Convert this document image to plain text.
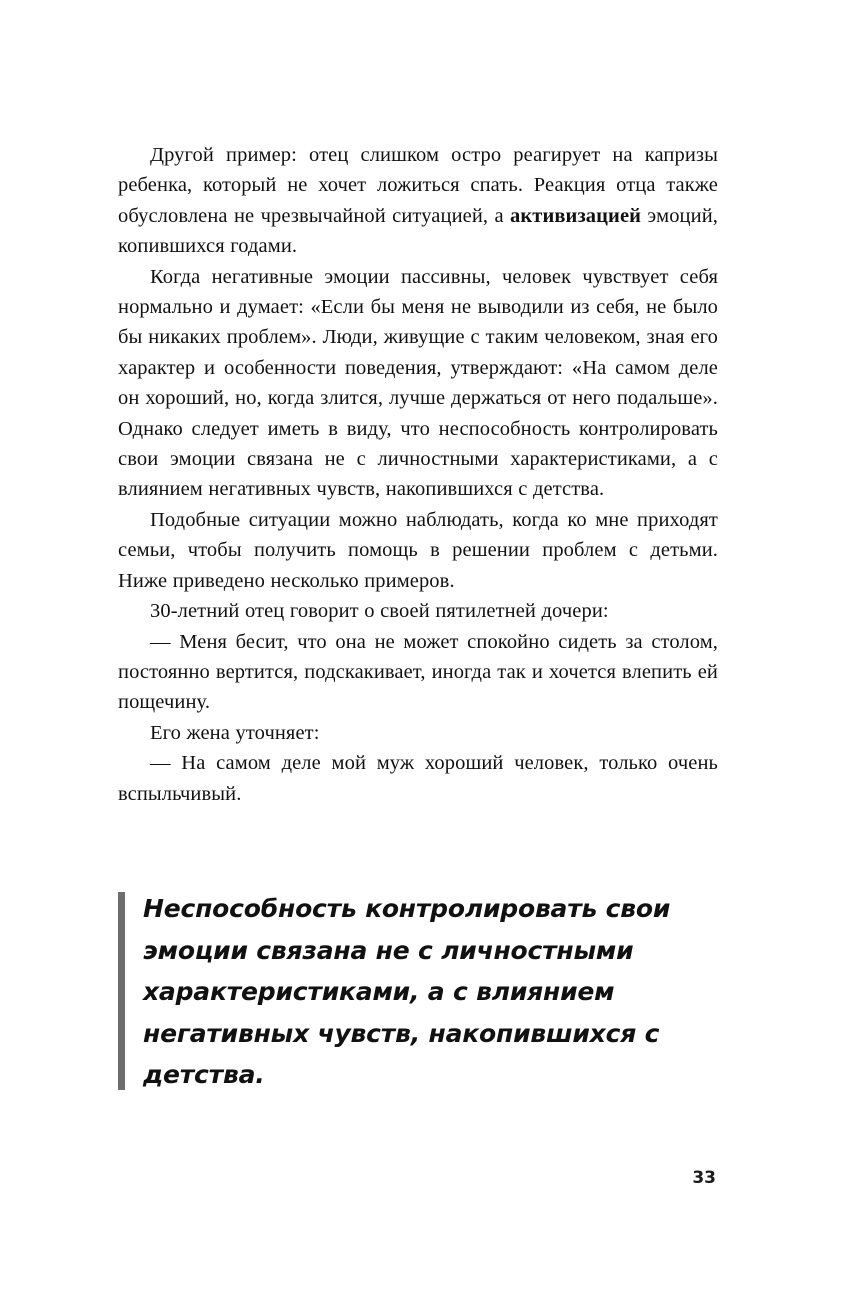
Другой пример: отец слишком остро реагирует на капризы ребенка, который не хочет ложиться спать. Реакция отца также обусловлена не чрезвычайной ситуацией, а активизацией эмоций, копившихся годами.

Когда негативные эмоции пассивны, человек чувствует себя нормально и думает: «Если бы меня не выводили из себя, не было бы никаких проблем». Люди, живущие с таким человеком, зная его характер и особенности поведения, утверждают: «На самом деле он хороший, но, когда злится, лучше держаться от него подальше». Однако следует иметь в виду, что неспособность контролировать свои эмоции связана не с личностными характеристиками, а с влиянием негативных чувств, накопившихся с детства.

Подобные ситуации можно наблюдать, когда ко мне приходят семьи, чтобы получить помощь в решении проблем с детьми. Ниже приведено несколько примеров.

30-летний отец говорит о своей пятилетней дочери:

— Меня бесит, что она не может спокойно сидеть за столом, постоянно вертится, подскакивает, иногда так и хочется влепить ей пощечину.

Его жена уточняет:

— На самом деле мой муж хороший человек, только очень вспыльчивый.

Неспособность контролировать свои эмоции связана не с личностными характеристиками, а с влиянием негативных чувств, накопившихся с детства.

33
